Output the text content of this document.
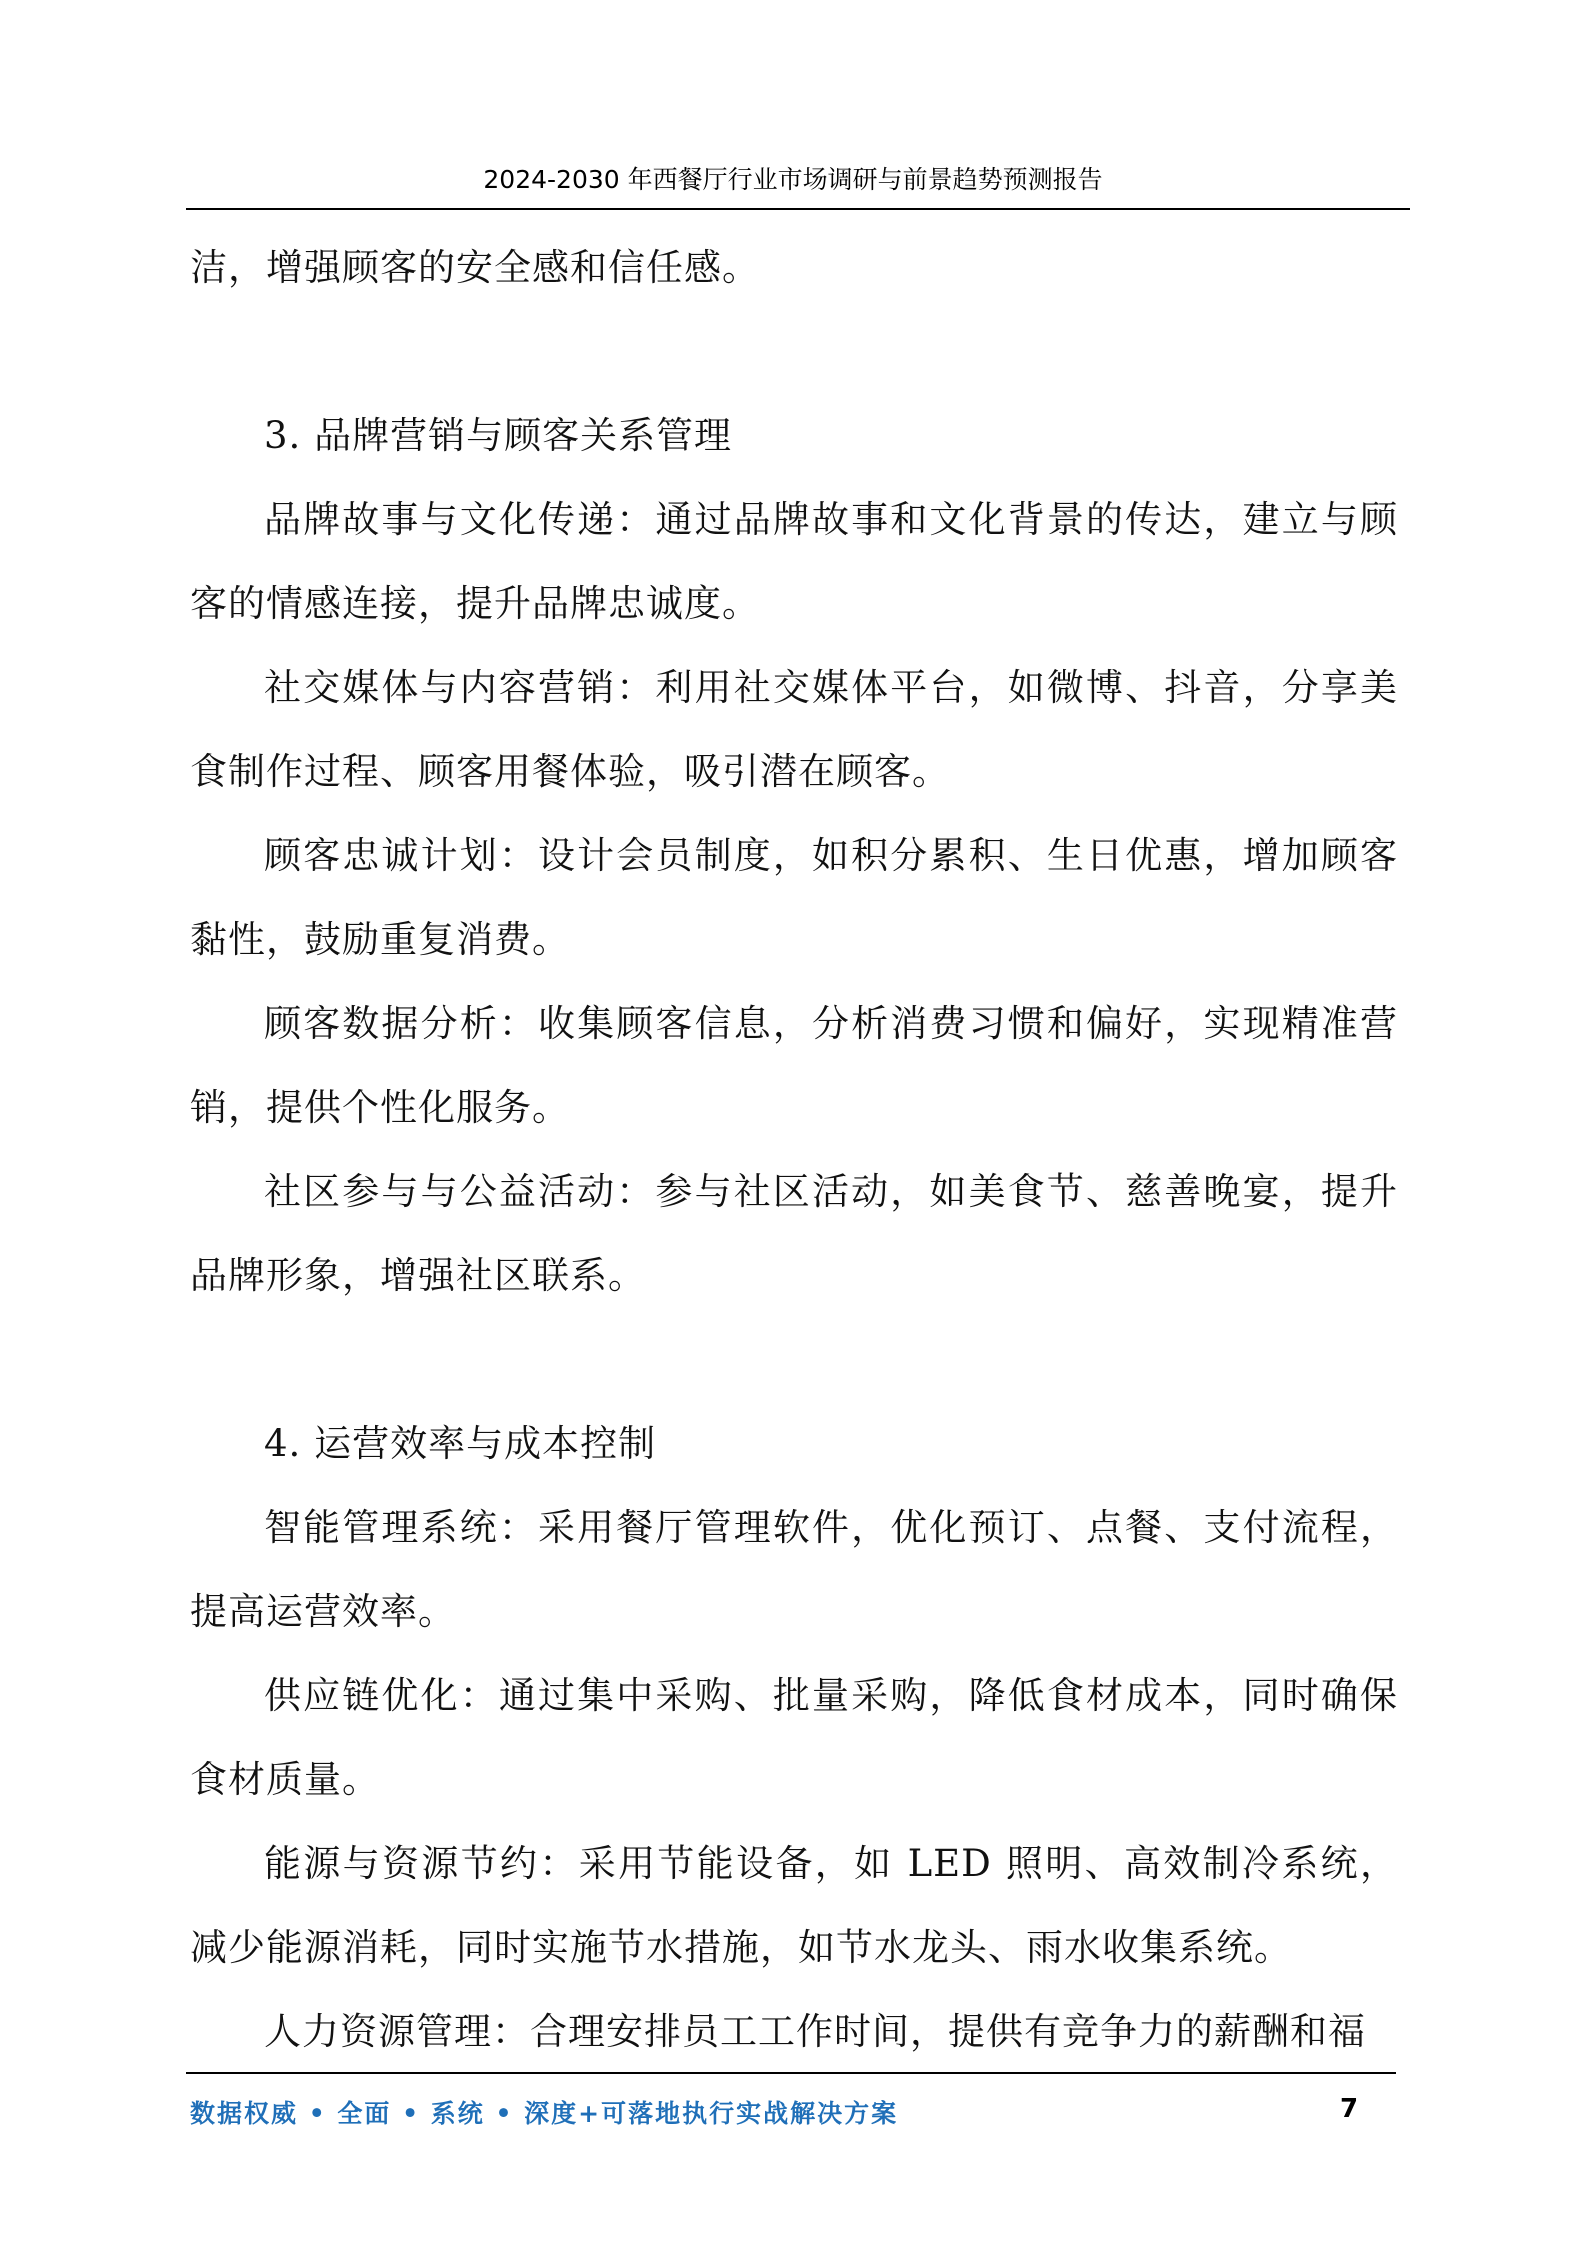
2024-2030 年西餐厅行业市场调研与前景趋势预测报告

洁，增强顾客的安全感和信任感。

3. 品牌营销与顾客关系管理

品牌故事与文化传递：通过品牌故事和文化背景的传达，建立与顾客的情感连接，提升品牌忠诚度。

社交媒体与内容营销：利用社交媒体平台，如微博、抖音，分享美食制作过程、顾客用餐体验，吸引潜在顾客。

顾客忠诚计划：设计会员制度，如积分累积、生日优惠，增加顾客黏性，鼓励重复消费。

顾客数据分析：收集顾客信息，分析消费习惯和偏好，实现精准营销，提供个性化服务。

社区参与与公益活动：参与社区活动，如美食节、慈善晚宴，提升品牌形象，增强社区联系。

4. 运营效率与成本控制

智能管理系统：采用餐厅管理软件，优化预订、点餐、支付流程，提高运营效率。

供应链优化：通过集中采购、批量采购，降低食材成本，同时确保食材质量。

能源与资源节约：采用节能设备，如 LED 照明、高效制冷系统，减少能源消耗，同时实施节水措施，如节水龙头、雨水收集系统。

人力资源管理：合理安排员工工作时间，提供有竞争力的薪酬和福

数据权威 • 全面 • 系统 • 深度+可落地执行实战解决方案	7
